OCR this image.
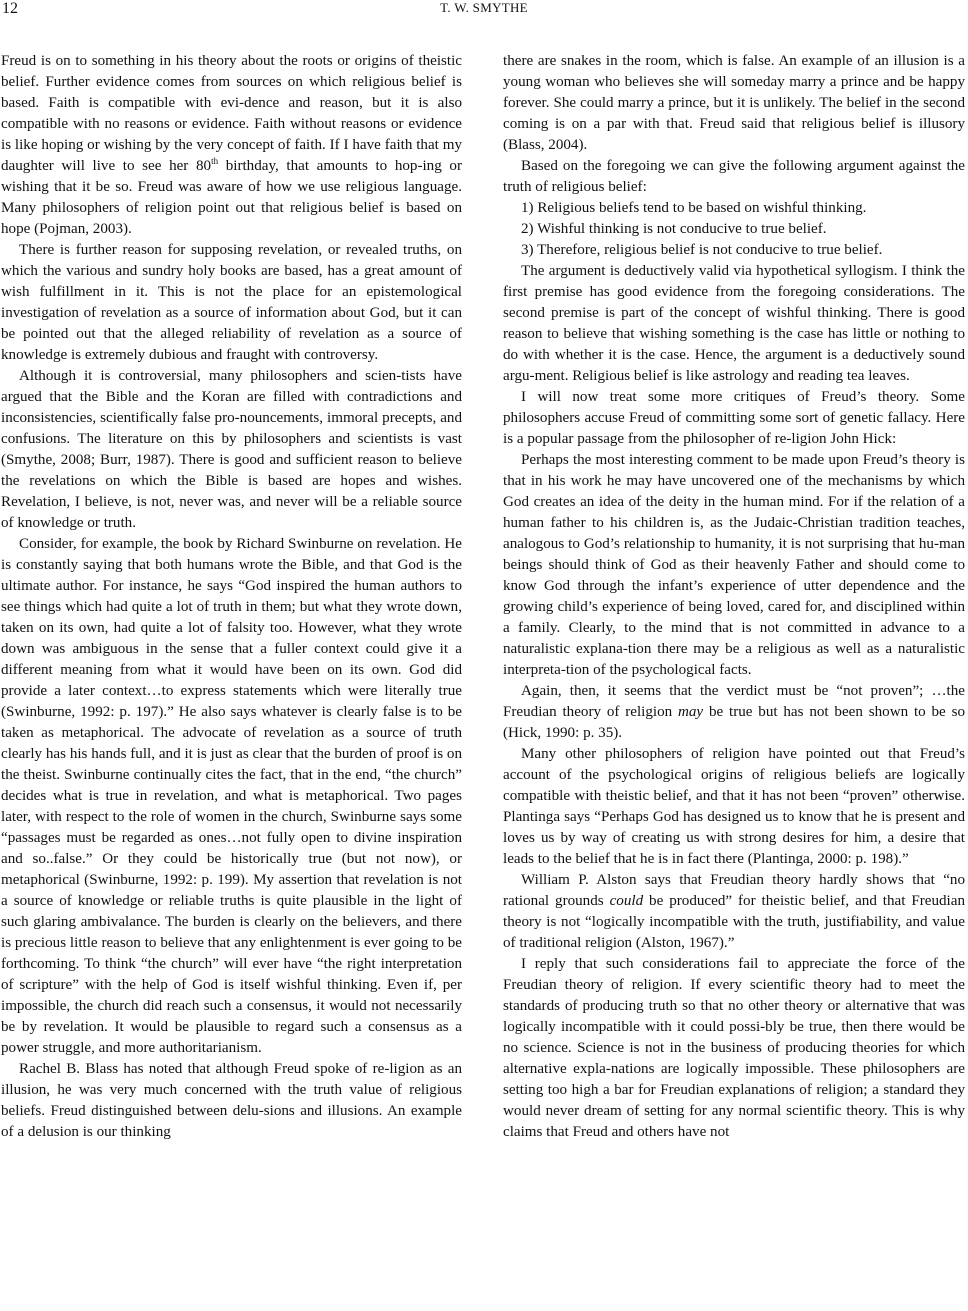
12	T. W. SMYTHE

Freud is on to something in his theory about the roots or origins of theistic belief. Further evidence comes from sources on which religious belief is based. Faith is compatible with evi-dence and reason, but it is also compatible with no reasons or evidence. Faith without reasons or evidence is like hoping or wishing by the very concept of faith. If I have faith that my daughter will live to see her 80th birthday, that amounts to hop-ing or wishing that it be so. Freud was aware of how we use religious language. Many philosophers of religion point out that religious belief is based on hope (Pojman, 2003).

There is further reason for supposing revelation, or revealed truths, on which the various and sundry holy books are based, has a great amount of wish fulfillment in it. This is not the place for an epistemological investigation of revelation as a source of information about God, but it can be pointed out that the alleged reliability of revelation as a source of knowledge is extremely dubious and fraught with controversy.

Although it is controversial, many philosophers and scien-tists have argued that the Bible and the Koran are filled with contradictions and inconsistencies, scientifically false pro-nouncements, immoral precepts, and confusions. The literature on this by philosophers and scientists is vast (Smythe, 2008; Burr, 1987). There is good and sufficient reason to believe the revelations on which the Bible is based are hopes and wishes. Revelation, I believe, is not, never was, and never will be a reliable source of knowledge or truth.

Consider, for example, the book by Richard Swinburne on revelation. He is constantly saying that both humans wrote the Bible, and that God is the ultimate author. For instance, he says “God inspired the human authors to see things which had quite a lot of truth in them; but what they wrote down, taken on its own, had quite a lot of falsity too. However, what they wrote down was ambiguous in the sense that a fuller context could give it a different meaning from what it would have been on its own. God did provide a later context…to express statements which were literally true (Swinburne, 1992: p. 197).” He also says whatever is clearly false is to be taken as metaphorical. The advocate of revelation as a source of truth clearly has his hands full, and it is just as clear that the burden of proof is on the theist. Swinburne continually cites the fact, that in the end, “the church” decides what is true in revelation, and what is metaphorical. Two pages later, with respect to the role of women in the church, Swinburne says some “passages must be regarded as ones…not fully open to divine inspiration and so..false.” Or they could be historically true (but not now), or metaphorical (Swinburne, 1992: p. 199). My assertion that revelation is not a source of knowledge or reliable truths is quite plausible in the light of such glaring ambivalance. The burden is clearly on the believers, and there is precious little reason to believe that any enlightenment is ever going to be forthcoming. To think “the church” will ever have “the right interpretation of scripture” with the help of God is itself wishful thinking. Even if, per impossible, the church did reach such a consensus, it would not necessarily be by revelation. It would be plausible to regard such a consensus as a power struggle, and more authoritarianism.

Rachel B. Blass has noted that although Freud spoke of re-ligion as an illusion, he was very much concerned with the truth value of religious beliefs. Freud distinguished between delu-sions and illusions. An example of a delusion is our thinking

there are snakes in the room, which is false. An example of an illusion is a young woman who believes she will someday marry a prince and be happy forever. She could marry a prince, but it is unlikely. The belief in the second coming is on a par with that. Freud said that religious belief is illusory (Blass, 2004).

Based on the foregoing we can give the following argument against the truth of religious belief:

1) Religious beliefs tend to be based on wishful thinking.

2) Wishful thinking is not conducive to true belief.

3) Therefore, religious belief is not conducive to true belief.

The argument is deductively valid via hypothetical syllogism. I think the first premise has good evidence from the foregoing considerations. The second premise is part of the concept of wishful thinking. There is good reason to believe that wishing something is the case has little or nothing to do with whether it is the case. Hence, the argument is a deductively sound argu-ment. Religious belief is like astrology and reading tea leaves.

I will now treat some more critiques of Freud’s theory. Some philosophers accuse Freud of committing some sort of genetic fallacy. Here is a popular passage from the philosopher of re-ligion John Hick:

Perhaps the most interesting comment to be made upon Freud’s theory is that in his work he may have uncovered one of the mechanisms by which God creates an idea of the deity in the human mind. For if the relation of a human father to his children is, as the Judaic-Christian tradition teaches, analogous to God’s relationship to humanity, it is not surprising that hu-man beings should think of God as their heavenly Father and should come to know God through the infant’s experience of utter dependence and the growing child’s experience of being loved, cared for, and disciplined within a family. Clearly, to the mind that is not committed in advance to a naturalistic explana-tion there may be a religious as well as a naturalistic interpreta-tion of the psychological facts.

Again, then, it seems that the verdict must be “not proven”; …the Freudian theory of religion may be true but has not been shown to be so (Hick, 1990: p. 35).

Many other philosophers of religion have pointed out that Freud’s account of the psychological origins of religious beliefs are logically compatible with theistic belief, and that it has not been “proven” otherwise. Plantinga says “Perhaps God has designed us to know that he is present and loves us by way of creating us with strong desires for him, a desire that leads to the belief that he is in fact there (Plantinga, 2000: p. 198).”

William P. Alston says that Freudian theory hardly shows that “no rational grounds could be produced” for theistic belief, and that Freudian theory is not “logically incompatible with the truth, justifiability, and value of traditional religion (Alston, 1967).”

I reply that such considerations fail to appreciate the force of the Freudian theory of religion. If every scientific theory had to meet the standards of producing truth so that no other theory or alternative that was logically incompatible with it could possi-bly be true, then there would be no science. Science is not in the business of producing theories for which alternative expla-nations are logically impossible. These philosophers are setting too high a bar for Freudian explanations of religion; a standard they would never dream of setting for any normal scientific theory. This is why claims that Freud and others have not
